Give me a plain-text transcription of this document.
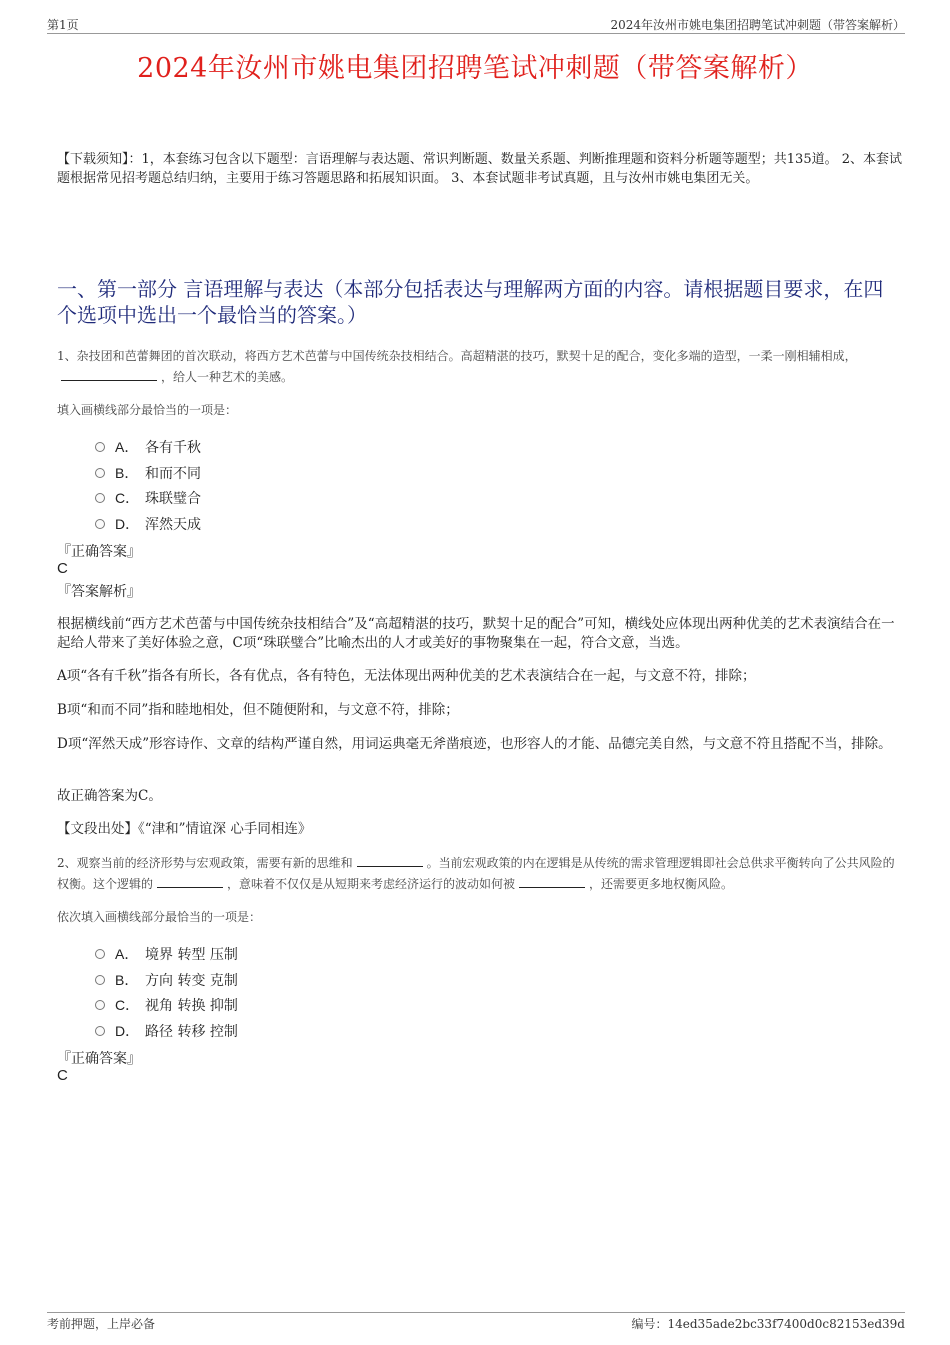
第1页	2024年汝州市姚电集团招聘笔试冲刺题（带答案解析）
2024年汝州市姚电集团招聘笔试冲刺题（带答案解析）

【下载须知】：1，本套练习包含以下题型：言语理解与表达题、常识判断题、数量关系题、判断推理题和资料分析题等题型；共135道。 2、本套试题根据常见招考题总结归纳，主要用于练习答题思路和拓展知识面。 3、本套试题非考试真题，且与汝州市姚电集团无关。

一、第一部分 言语理解与表达（本部分包括表达与理解两方面的内容。请根据题目要求，在四个选项中选出一个最恰当的答案。）

1、杂技团和芭蕾舞团的首次联动，将西方艺术芭蕾与中国传统杂技相结合。高超精湛的技巧，默契十足的配合，变化多端的造型，一柔一刚相辅相成，，给人一种艺术的美感。

填入画横线部分最恰当的一项是：

A． 各有千秋
B． 和而不同
C． 珠联璧合
D． 浑然天成

『正确答案』

C

『答案解析』

根据横线前“西方艺术芭蕾与中国传统杂技相结合”及“高超精湛的技巧，默契十足的配合”可知，横线处应体现出两种优美的艺术表演结合在一起给人带来了美好体验之意，C项“珠联璧合”比喻杰出的人才或美好的事物聚集在一起，符合文意，当选。

A项“各有千秋”指各有所长，各有优点，各有特色，无法体现出两种优美的艺术表演结合在一起，与文意不符，排除；

B项“和而不同”指和睦地相处，但不随便附和，与文意不符，排除；

D项“浑然天成”形容诗作、文章的结构严谨自然，用词运典毫无斧凿痕迹，也形容人的才能、品德完美自然，与文意不符且搭配不当，排除。

故正确答案为C。

【文段出处】《“津和”情谊深 心手同相连》

2、观察当前的经济形势与宏观政策，需要有新的思维和	。当前宏观政策的内在逻辑是从传统的需求管理逻辑即社会总供求平衡转向了公共风险的权衡。这个逻辑的	，意味着不仅仅是从短期来考虑经济运行的波动如何被	，还需要更多地权衡风险。

依次填入画横线部分最恰当的一项是：

A． 境界 转型 压制
B． 方向 转变 克制
C． 视角 转换 抑制
D． 路径 转移 控制

『正确答案』

C

考前押题，上岸必备	编号：14ed35ade2bc33f7400d0c82153ed39d
